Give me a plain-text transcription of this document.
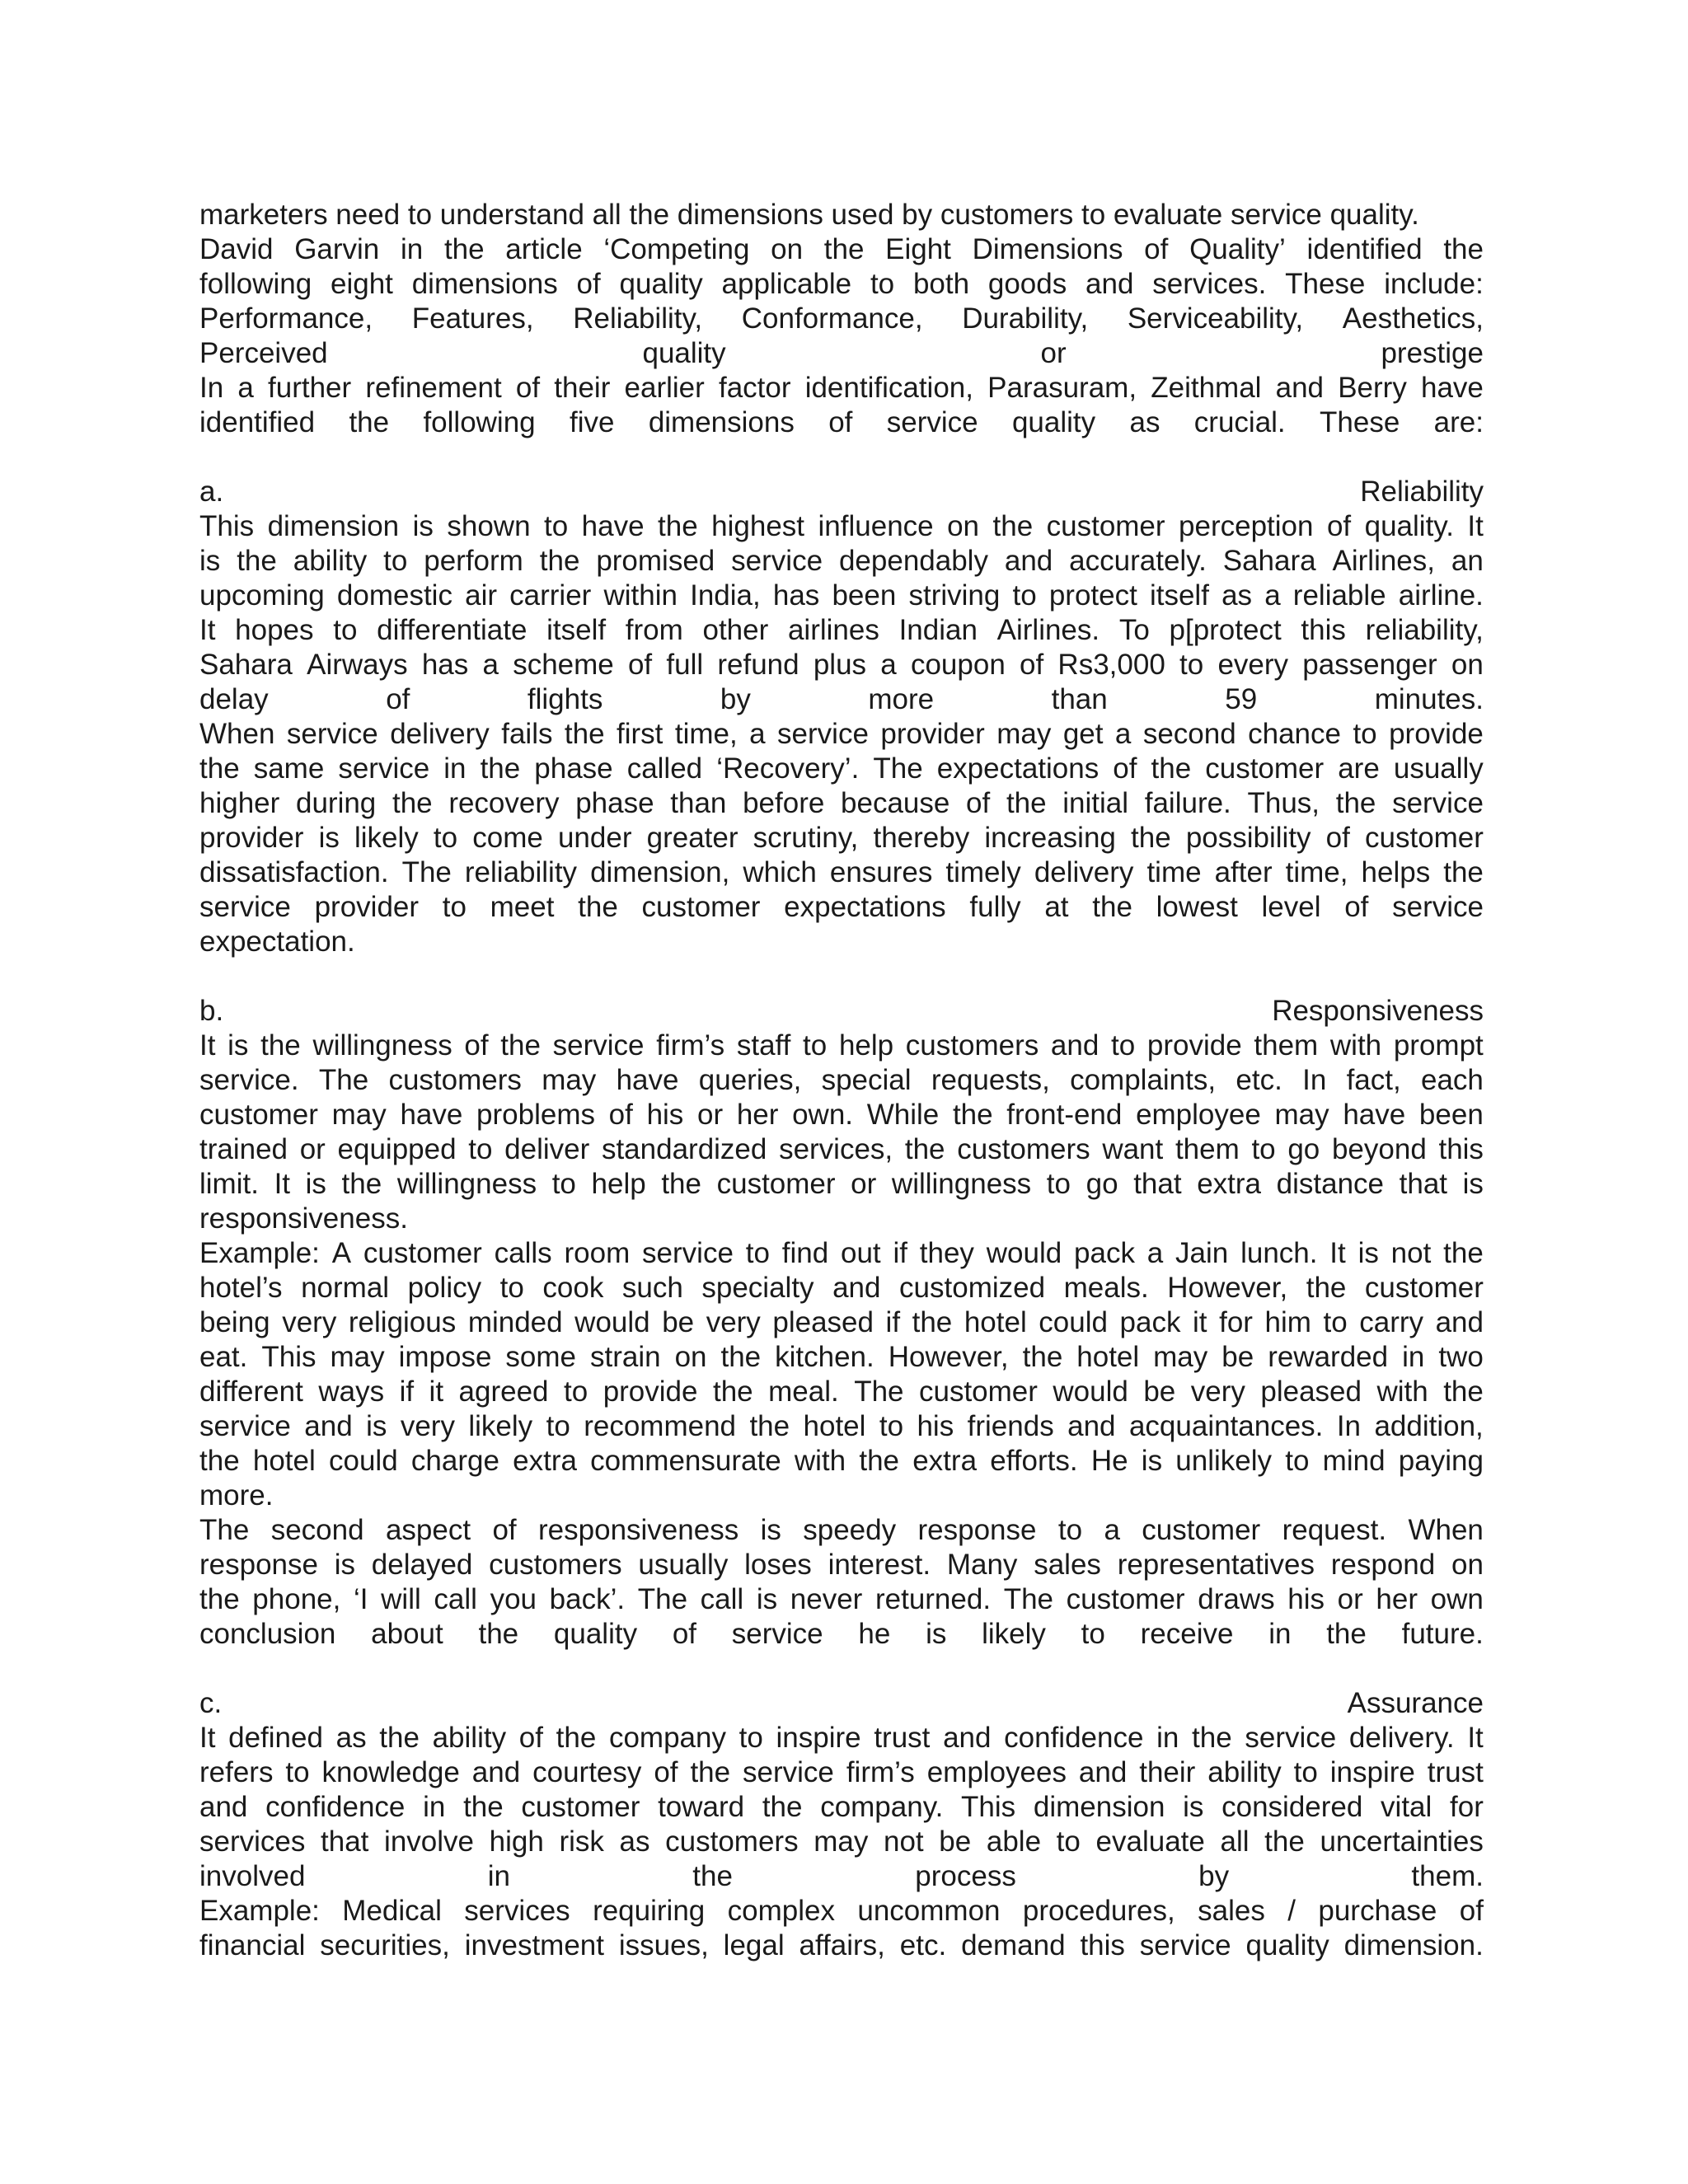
marketers need to understand all the dimensions used by customers to evaluate service quality.
David Garvin in the article ‘Competing on the Eight Dimensions of Quality’ identified the
following eight dimensions of quality applicable to both goods and services. These include:
Performance, Features, Reliability, Conformance, Durability, Serviceability, Aesthetics,
Perceived	quality	or	prestige
In a further refinement of their earlier factor identification, Parasuram, Zeithmal and Berry have
identified the following five dimensions of service quality as crucial. These are:
a.	Reliability
This dimension is shown to have the highest influence on the customer perception of quality. It
is the ability to perform the promised service dependably and accurately. Sahara Airlines, an
upcoming domestic air carrier within India, has been striving to protect itself as a reliable airline.
It hopes to differentiate itself from other airlines Indian Airlines. To p[protect this reliability,
Sahara Airways has a scheme of full refund plus a coupon of Rs3,000 to every passenger on
delay	of	flights	by	more	than	59	minutes.
When service delivery fails the first time, a service provider may get a second chance to provide
the same service in the phase called ‘Recovery’. The expectations of the customer are usually
higher during the recovery phase than before because of the initial failure. Thus, the service
provider is likely to come under greater scrutiny, thereby increasing the possibility of customer
dissatisfaction. The reliability dimension, which ensures timely delivery time after time, helps the
service provider to meet the customer expectations fully at the lowest level of service
expectation.
b.	Responsiveness
It is the willingness of the service firm’s staff to help customers and to provide them with prompt
service. The customers may have queries, special requests, complaints, etc. In fact, each
customer may have problems of his or her own. While the front-end employee may have been
trained or equipped to deliver standardized services, the customers want them to go beyond this
limit. It is the willingness to help the customer or willingness to go that extra distance that is
responsiveness.
Example: A customer calls room service to find out if they would pack a Jain lunch. It is not the
hotel’s normal policy to cook such specialty and customized meals. However, the customer
being very religious minded would be very pleased if the hotel could pack it for him to carry and
eat. This may impose some strain on the kitchen. However, the hotel may be rewarded in two
different ways if it agreed to provide the meal. The customer would be very pleased with the
service and is very likely to recommend the hotel to his friends and acquaintances. In addition,
the hotel could charge extra commensurate with the extra efforts. He is unlikely to mind paying
more.
The second aspect of responsiveness is speedy response to a customer request. When
response is delayed customers usually loses interest. Many sales representatives respond on
the phone, ‘I will call you back’. The call is never returned. The customer draws his or her own
conclusion about the quality of service he is likely to receive in the future.
c.	Assurance
It defined as the ability of the company to inspire trust and confidence in the service delivery. It
refers to knowledge and courtesy of the service firm’s employees and their ability to inspire trust
and confidence in the customer toward the company. This dimension is considered vital for
services that involve high risk as customers may not be able to evaluate all the uncertainties
involved	in	the	process	by	them.
Example: Medical services requiring complex uncommon procedures, sales / purchase of
financial securities, investment issues, legal affairs, etc. demand this service quality dimension.
